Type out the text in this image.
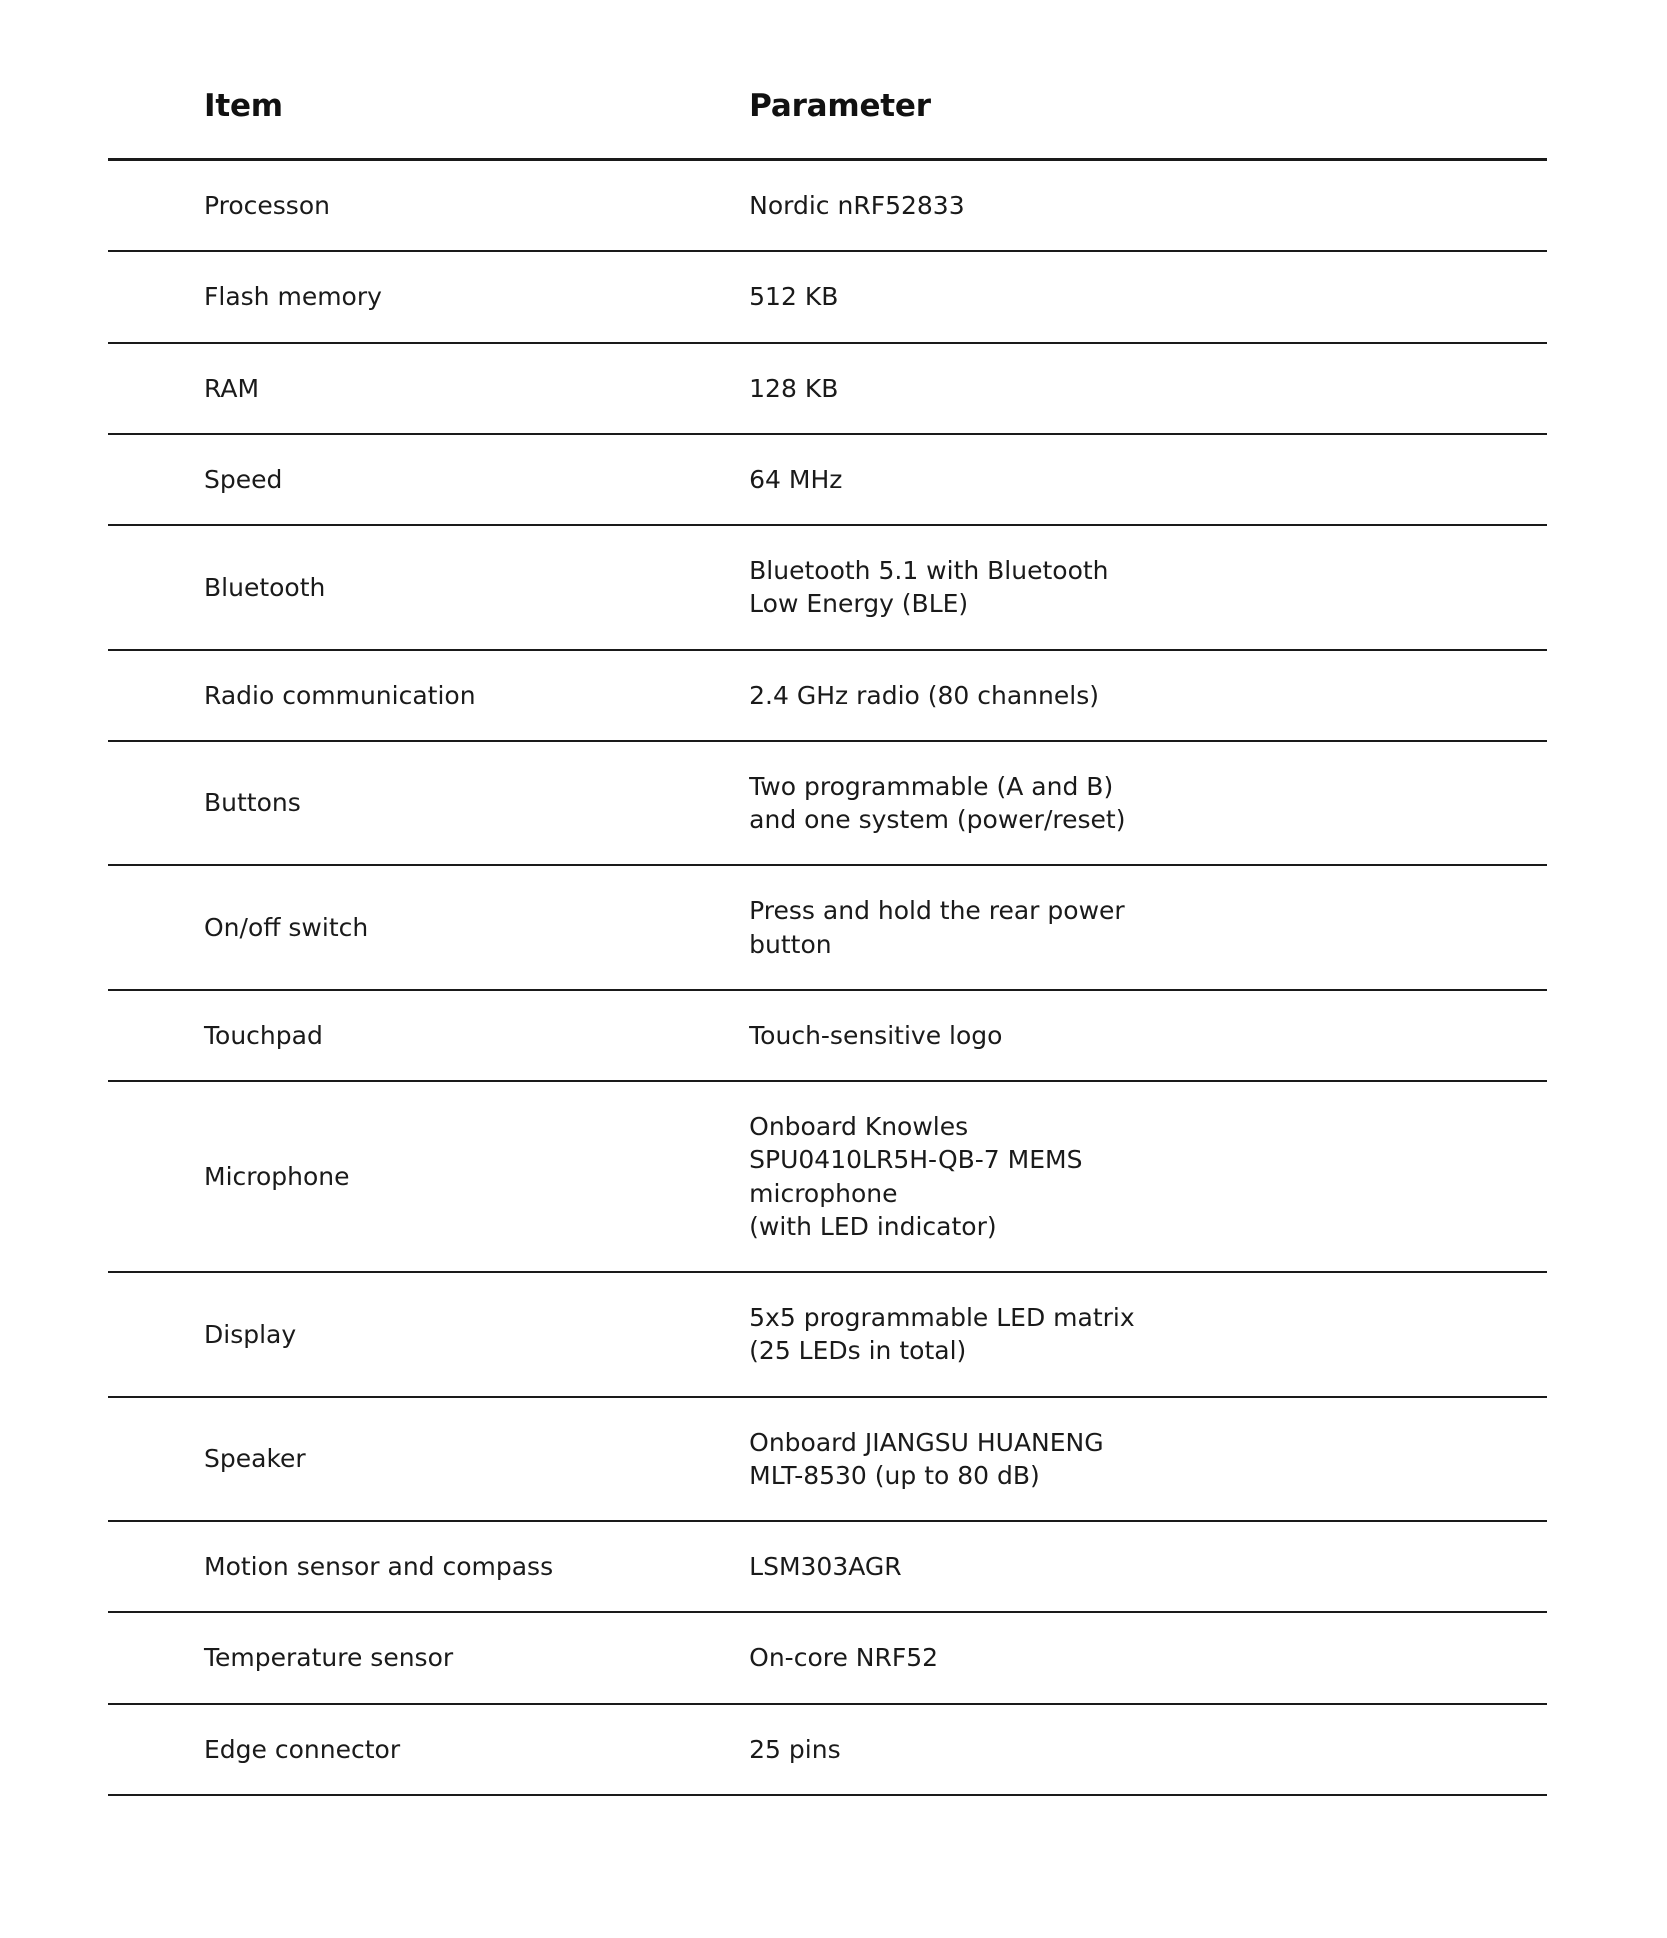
Item	Parameter
Processon	Nordic nRF52833

Flash memory	512 KB

RAM	128 KB

Speed	64 MHz

Bluetooth	Bluetooth 5.1 with Bluetooth
Low Energy (BLE)

Radio communication	2.4 GHz radio (80 channels)

Buttons	Two programmable (A and B)
and one system (power/reset)

On/off switch	Press and hold the rear power
button

Touchpad	Touch-sensitive logo

Microphone	Onboard Knowles
SPU0410LR5H-QB-7 MEMS
microphone
(with LED indicator)

Display	5x5 programmable LED matrix
(25 LEDs in total)

Speaker	Onboard JIANGSU HUANENG
MLT-8530 (up to 80 dB)

Motion sensor and compass	LSM303AGR

Temperature sensor	On-core NRF52

Edge connector	25 pins
